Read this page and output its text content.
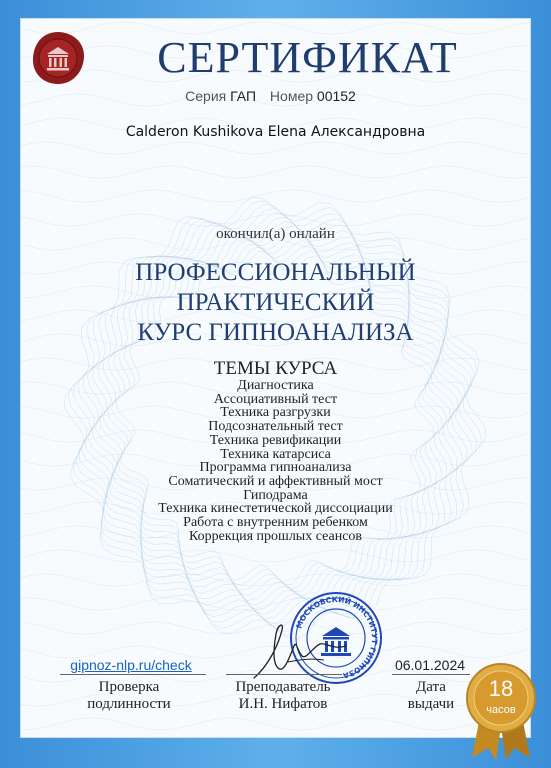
СЕРТИФИКАТ
Серия ГАП Номер 00152
Calderon Kushikova Elena Александровна
окончил(а) онлайн
ПРОФЕССИОНАЛЬНЫЙ
ПРАКТИЧЕСКИЙ
КУРС ГИПНОАНАЛИЗА
ТЕМЫ КУРСА
Диагностика
Ассоциативный тест
Техника разгрузки
Подсознательный тест
Техника ревификации
Техника катарсиса
Программа гипноанализа
Соматический и аффективный мост
Гиподрама
Техника кинестетической диссоциации
Работа с внутренним ребенком
Коррекция прошлых сеансов
МОСКОВСКИЙ ИНСТИТУТ ГИПНОЗА
gipnoz-nlp.ru/check
Проверка
подлинности
Преподаватель
И.Н. Нифатов
06.01.2024
Дата
выдачи
18
часов
